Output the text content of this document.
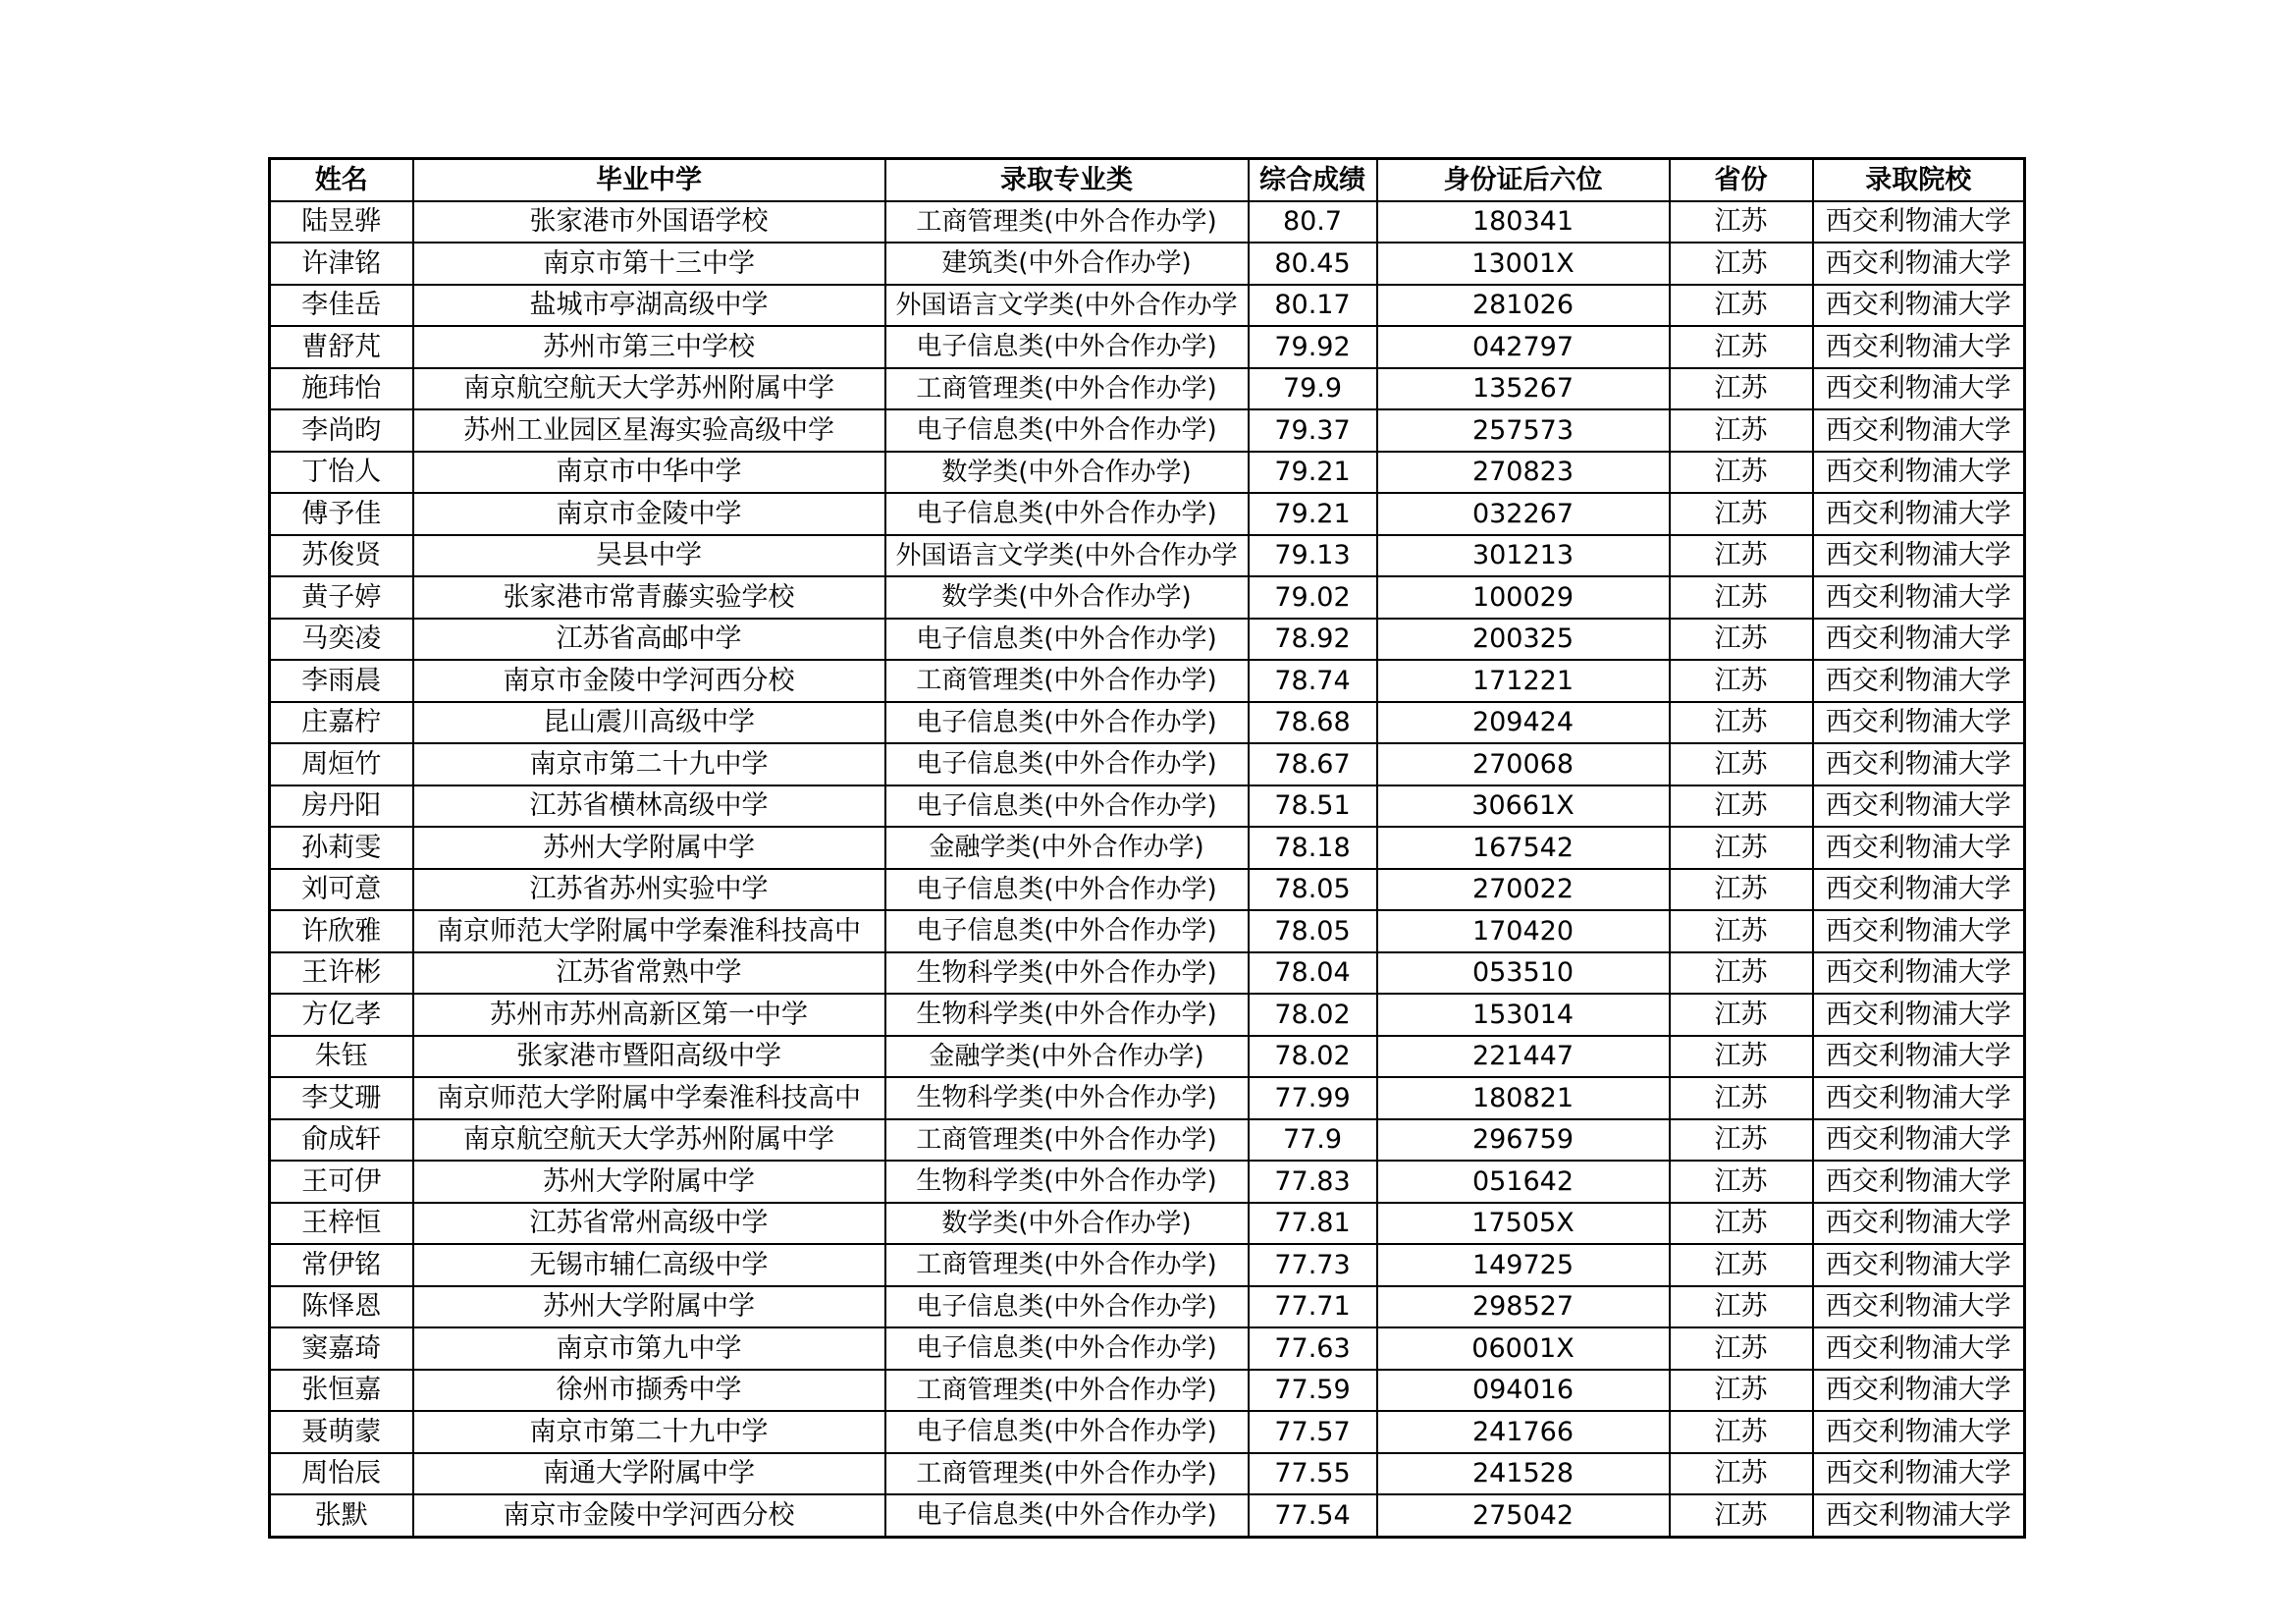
姓名	毕业中学	录取专业类	综合成绩	身份证后六位	省份	录取院校
陆昱骅	张家港市外国语学校	工商管理类(中外合作办学)	80.7	180341	江苏	西交利物浦大学
许津铭	南京市第十三中学	建筑类(中外合作办学)	80.45	13001X	江苏	西交利物浦大学
李佳岳	盐城市亭湖高级中学	外国语言文学类(中外合作办学	80.17	281026	江苏	西交利物浦大学
曹舒芃	苏州市第三中学校	电子信息类(中外合作办学)	79.92	042797	江苏	西交利物浦大学
施玮怡	南京航空航天大学苏州附属中学	工商管理类(中外合作办学)	79.9	135267	江苏	西交利物浦大学
李尚昀	苏州工业园区星海实验高级中学	电子信息类(中外合作办学)	79.37	257573	江苏	西交利物浦大学
丁怡人	南京市中华中学	数学类(中外合作办学)	79.21	270823	江苏	西交利物浦大学
傅予佳	南京市金陵中学	电子信息类(中外合作办学)	79.21	032267	江苏	西交利物浦大学
苏俊贤	吴县中学	外国语言文学类(中外合作办学	79.13	301213	江苏	西交利物浦大学
黄子婷	张家港市常青藤实验学校	数学类(中外合作办学)	79.02	100029	江苏	西交利物浦大学
马奕凌	江苏省高邮中学	电子信息类(中外合作办学)	78.92	200325	江苏	西交利物浦大学
李雨晨	南京市金陵中学河西分校	工商管理类(中外合作办学)	78.74	171221	江苏	西交利物浦大学
庄嘉柠	昆山震川高级中学	电子信息类(中外合作办学)	78.68	209424	江苏	西交利物浦大学
周烜竹	南京市第二十九中学	电子信息类(中外合作办学)	78.67	270068	江苏	西交利物浦大学
房丹阳	江苏省横林高级中学	电子信息类(中外合作办学)	78.51	30661X	江苏	西交利物浦大学
孙莉雯	苏州大学附属中学	金融学类(中外合作办学)	78.18	167542	江苏	西交利物浦大学
刘可意	江苏省苏州实验中学	电子信息类(中外合作办学)	78.05	270022	江苏	西交利物浦大学
许欣雅	南京师范大学附属中学秦淮科技高中	电子信息类(中外合作办学)	78.05	170420	江苏	西交利物浦大学
王许彬	江苏省常熟中学	生物科学类(中外合作办学)	78.04	053510	江苏	西交利物浦大学
方亿孝	苏州市苏州高新区第一中学	生物科学类(中外合作办学)	78.02	153014	江苏	西交利物浦大学
朱钰	张家港市暨阳高级中学	金融学类(中外合作办学)	78.02	221447	江苏	西交利物浦大学
李艾珊	南京师范大学附属中学秦淮科技高中	生物科学类(中外合作办学)	77.99	180821	江苏	西交利物浦大学
俞成轩	南京航空航天大学苏州附属中学	工商管理类(中外合作办学)	77.9	296759	江苏	西交利物浦大学
王可伊	苏州大学附属中学	生物科学类(中外合作办学)	77.83	051642	江苏	西交利物浦大学
王梓恒	江苏省常州高级中学	数学类(中外合作办学)	77.81	17505X	江苏	西交利物浦大学
常伊铭	无锡市辅仁高级中学	工商管理类(中外合作办学)	77.73	149725	江苏	西交利物浦大学
陈怿恩	苏州大学附属中学	电子信息类(中外合作办学)	77.71	298527	江苏	西交利物浦大学
窦嘉琦	南京市第九中学	电子信息类(中外合作办学)	77.63	06001X	江苏	西交利物浦大学
张恒嘉	徐州市撷秀中学	工商管理类(中外合作办学)	77.59	094016	江苏	西交利物浦大学
聂萌蒙	南京市第二十九中学	电子信息类(中外合作办学)	77.57	241766	江苏	西交利物浦大学
周怡辰	南通大学附属中学	工商管理类(中外合作办学)	77.55	241528	江苏	西交利物浦大学
张默	南京市金陵中学河西分校	电子信息类(中外合作办学)	77.54	275042	江苏	西交利物浦大学
